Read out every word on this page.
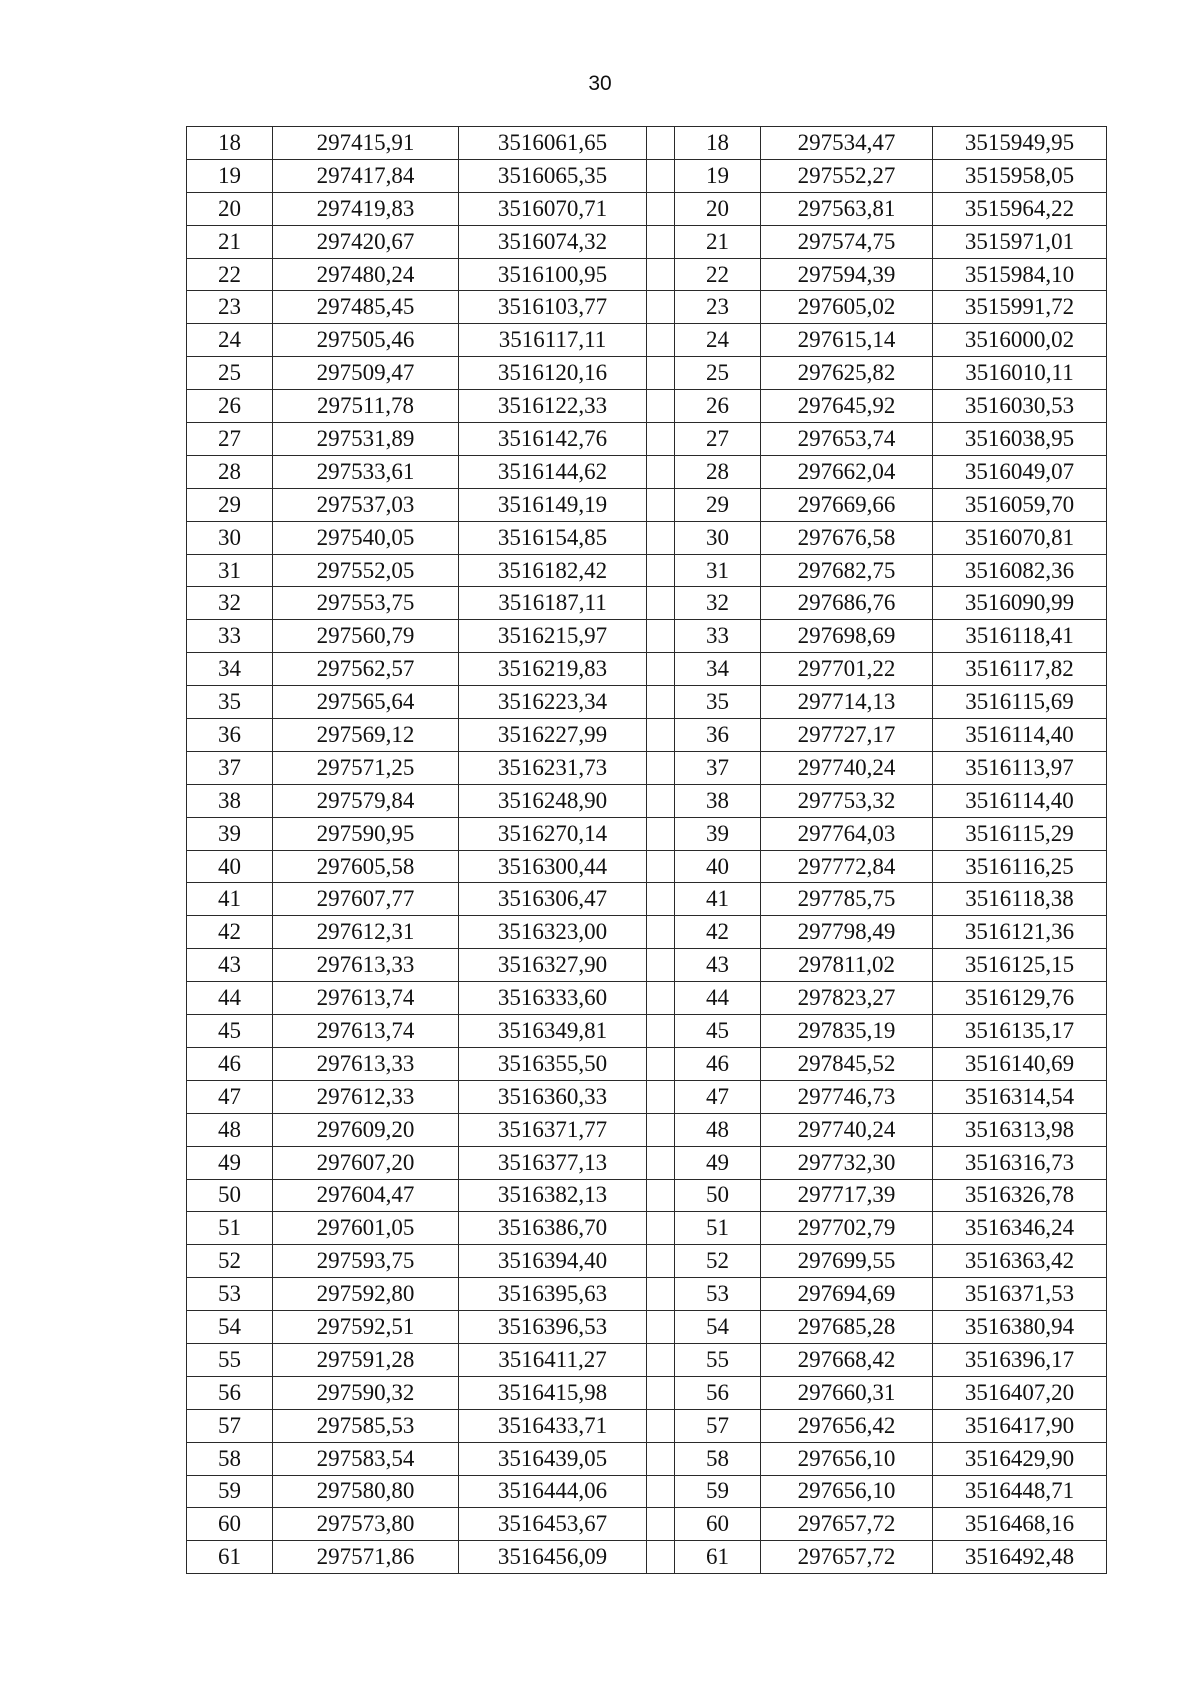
30
18	297415,91	3516061,65		18	297534,47	3515949,95
19	297417,84	3516065,35		19	297552,27	3515958,05
20	297419,83	3516070,71		20	297563,81	3515964,22
21	297420,67	3516074,32		21	297574,75	3515971,01
22	297480,24	3516100,95		22	297594,39	3515984,10
23	297485,45	3516103,77		23	297605,02	3515991,72
24	297505,46	3516117,11		24	297615,14	3516000,02
25	297509,47	3516120,16		25	297625,82	3516010,11
26	297511,78	3516122,33		26	297645,92	3516030,53
27	297531,89	3516142,76		27	297653,74	3516038,95
28	297533,61	3516144,62		28	297662,04	3516049,07
29	297537,03	3516149,19		29	297669,66	3516059,70
30	297540,05	3516154,85		30	297676,58	3516070,81
31	297552,05	3516182,42		31	297682,75	3516082,36
32	297553,75	3516187,11		32	297686,76	3516090,99
33	297560,79	3516215,97		33	297698,69	3516118,41
34	297562,57	3516219,83		34	297701,22	3516117,82
35	297565,64	3516223,34		35	297714,13	3516115,69
36	297569,12	3516227,99		36	297727,17	3516114,40
37	297571,25	3516231,73		37	297740,24	3516113,97
38	297579,84	3516248,90		38	297753,32	3516114,40
39	297590,95	3516270,14		39	297764,03	3516115,29
40	297605,58	3516300,44		40	297772,84	3516116,25
41	297607,77	3516306,47		41	297785,75	3516118,38
42	297612,31	3516323,00		42	297798,49	3516121,36
43	297613,33	3516327,90		43	297811,02	3516125,15
44	297613,74	3516333,60		44	297823,27	3516129,76
45	297613,74	3516349,81		45	297835,19	3516135,17
46	297613,33	3516355,50		46	297845,52	3516140,69
47	297612,33	3516360,33		47	297746,73	3516314,54
48	297609,20	3516371,77		48	297740,24	3516313,98
49	297607,20	3516377,13		49	297732,30	3516316,73
50	297604,47	3516382,13		50	297717,39	3516326,78
51	297601,05	3516386,70		51	297702,79	3516346,24
52	297593,75	3516394,40		52	297699,55	3516363,42
53	297592,80	3516395,63		53	297694,69	3516371,53
54	297592,51	3516396,53		54	297685,28	3516380,94
55	297591,28	3516411,27		55	297668,42	3516396,17
56	297590,32	3516415,98		56	297660,31	3516407,20
57	297585,53	3516433,71		57	297656,42	3516417,90
58	297583,54	3516439,05		58	297656,10	3516429,90
59	297580,80	3516444,06		59	297656,10	3516448,71
60	297573,80	3516453,67		60	297657,72	3516468,16
61	297571,86	3516456,09		61	297657,72	3516492,48
